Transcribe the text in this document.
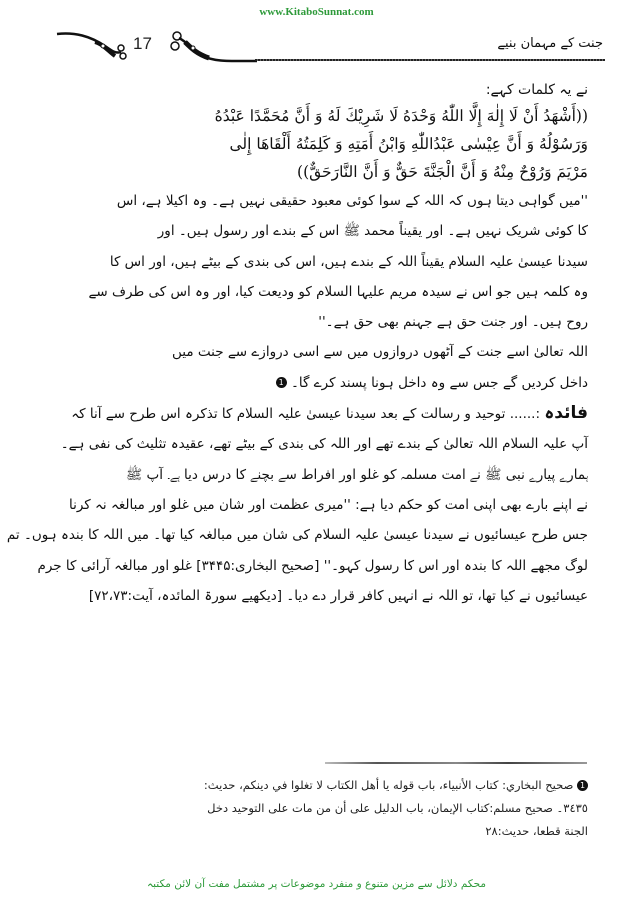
www.KitaboSunnat.com
17	جنت کے مہمان بنیے
نے یہ کلمات کہے:
((أَشْهَدُ أَنْ لَا إِلٰهَ إِلَّا اللّٰهُ وَحْدَهُ لَا شَرِيْكَ لَهُ وَ أَنَّ مُحَمَّدًا عَبْدُهُ
وَرَسُوْلُهُ وَ أَنَّ عِيْسٰى عَبْدُاللّٰهِ وَابْنُ أَمَتِهِ وَ كَلِمَتُهُ أَلْقَاهَا إِلٰى
مَرْيَمَ وَرُوْحٌ مِنْهُ وَ أَنَّ الْجَنَّةَ حَقٌّ وَ أَنَّ النَّارَحَقٌّ))
''میں گواہی دیتا ہوں کہ اللہ کے سوا کوئی معبود حقیقی نہیں ہے۔ وہ اکیلا ہے، اس
کا کوئی شریک نہیں ہے۔ اور یقیناً محمد ﷺ اس کے بندے اور رسول ہیں۔ اور
سیدنا عیسیٰ علیہ السلام یقیناً اللہ کے بندے ہیں، اس کی بندی کے بیٹے ہیں، اور اس کا
وہ کلمہ ہیں جو اس نے سیدہ مریم علیہا السلام کو ودیعت کیا، اور وہ اس کی طرف سے
روح ہیں۔ اور جنت حق ہے جہنم بھی حق ہے۔''
اللہ تعالیٰ اسے جنت کے آٹھوں دروازوں میں سے اسی دروازے سے جنت میں
داخل کردیں گے جس سے وہ داخل ہونا پسند کرے گا۔ 1
فائدہ :...... توحید و رسالت کے بعد سیدنا عیسیٰ علیہ السلام کا تذکرہ اس طرح سے آنا کہ
آپ علیہ السلام اللہ تعالیٰ کے بندے تھے اور اللہ کی بندی کے بیٹے تھے، عقیدہ تثلیث کی نفی ہے۔
ہمارے پیارے نبی ﷺ نے امت مسلمہ کو غلو اور افراط سے بچنے کا درس دیا ہے۔ آپ ﷺ
نے اپنے بارے بھی اپنی امت کو حکم دیا ہے: ''میری عظمت اور شان میں غلو اور مبالغہ نہ کرنا
جس طرح عیسائیوں نے سیدنا عیسیٰ علیہ السلام کی شان میں مبالغہ کیا تھا۔ میں اللہ کا بندہ ہوں۔ تم
لوگ مجھے اللہ کا بندہ اور اس کا رسول کہو۔'' [صحیح البخاری:۳۴۴۵] غلو اور مبالغہ آرائی کا جرم
عیسائیوں نے کیا تھا، تو اللہ نے انہیں کافر قرار دے دیا۔ [دیکھیے سورۃ المائدہ، آیت:۷۲،۷۳]
1 صحيح البخاري: كتاب الأنبياء، باب قوله يا أهل الكتاب لا تغلوا في دينكم، حديث:
٣٤٣٥۔ صحيح مسلم:كتاب الإيمان، باب الدليل على أن من مات على التوحيد دخل
الجنة قطعا، حديث:٢٨
محکم دلائل سے مزین متنوع و منفرد موضوعات پر مشتمل مفت آن لائن مکتبہ
